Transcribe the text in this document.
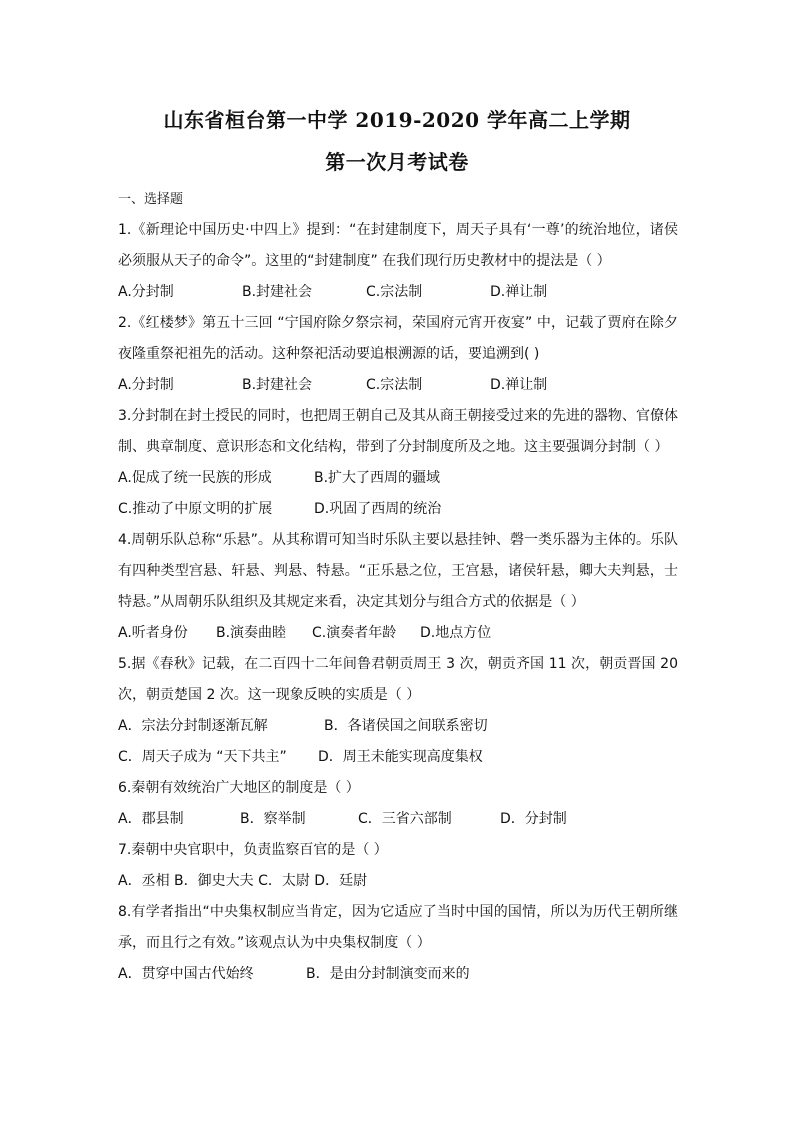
山东省桓台第一中学 2019-2020 学年高二上学期
第一次月考试卷
一、选择题

1.《新理论中国历史·中四上》提到：“在封建制度下，周天子具有‘一尊’的统治地位，诸侯必须服从天子的命令”。这里的“封建制度” 在我们现行历史教材中的提法是（ ）

A.分封制	B.封建社会	C.宗法制	D.禅让制

2.《红楼梦》第五十三回 “宁国府除夕祭宗祠，荣国府元宵开夜宴” 中，记载了贾府在除夕夜隆重祭祀祖先的活动。这种祭祀活动要追根溯源的话，要追溯到( )

A.分封制	B.封建社会	C.宗法制	D.禅让制

3.分封制在封土授民的同时，也把周王朝自己及其从商王朝接受过来的先进的器物、官僚体制、典章制度、意识形态和文化结构，带到了分封制度所及之地。这主要强调分封制（ ）

A.促成了统一民族的形成	B.扩大了西周的疆域
C.推动了中原文明的扩展	D.巩固了西周的统治

4.周朝乐队总称“乐悬”。从其称谓可知当时乐队主要以悬挂钟、磬一类乐器为主体的。乐队有四种类型宫悬、轩悬、判悬、特悬。“正乐悬之位，王宫悬，诸侯轩悬，卿大夫判悬，士特悬。”从周朝乐队组织及其规定来看，决定其划分与组合方式的依据是（ ）

A.听者身份	B.演奏曲睦	C.演奏者年龄	D.地点方位

5.据《春秋》记载，在二百四十二年间鲁君朝贡周王 3 次，朝贡齐国 11 次，朝贡晋国 20 次，朝贡楚国 2 次。这一现象反映的实质是（ ）

A．宗法分封制逐渐瓦解	B．各诸侯国之间联系密切
C．周天子成为 “天下共主”	D．周王未能实现高度集权

6.秦朝有效统治广大地区的制度是（ ）

A．郡县制	B．察举制	C．三省六部制	D．分封制

7.秦朝中央官职中，负责监察百官的是（ ）

A．丞相 B．御史大夫 C．太尉 D．廷尉

8.有学者指出“中央集权制应当肯定，因为它适应了当时中国的国情，所以为历代王朝所继承，而且行之有效。”该观点认为中央集权制度（ ）

A．贯穿中国古代始终	B．是由分封制演变而来的
